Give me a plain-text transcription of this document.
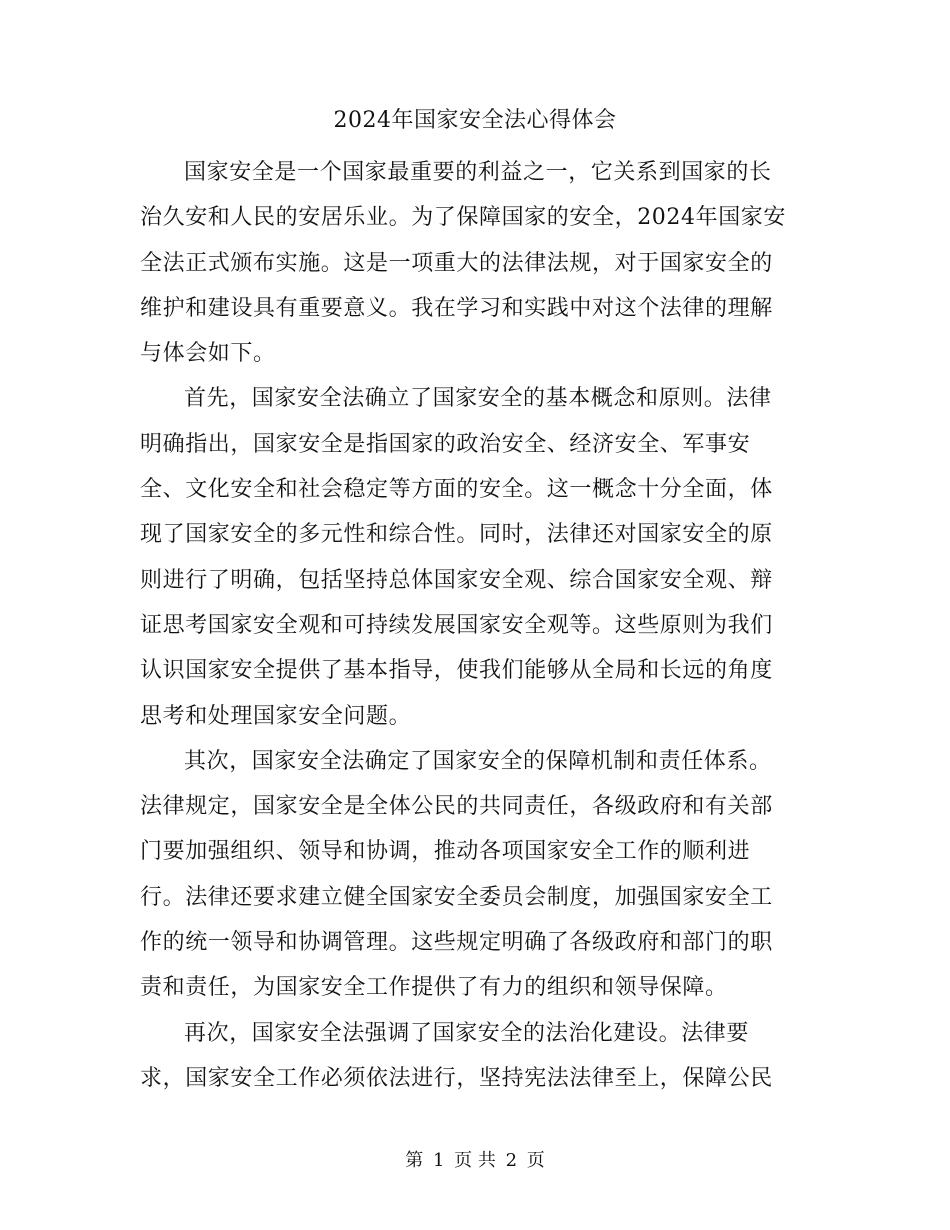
2024年国家安全法心得体会
国家安全是一个国家最重要的利益之一，它关系到国家的长
治久安和人民的安居乐业。为了保障国家的安全，2024年国家安
全法正式颁布实施。这是一项重大的法律法规，对于国家安全的
维护和建设具有重要意义。我在学习和实践中对这个法律的理解
与体会如下。
首先，国家安全法确立了国家安全的基本概念和原则。法律
明确指出，国家安全是指国家的政治安全、经济安全、军事安
全、文化安全和社会稳定等方面的安全。这一概念十分全面，体
现了国家安全的多元性和综合性。同时，法律还对国家安全的原
则进行了明确，包括坚持总体国家安全观、综合国家安全观、辩
证思考国家安全观和可持续发展国家安全观等。这些原则为我们
认识国家安全提供了基本指导，使我们能够从全局和长远的角度
思考和处理国家安全问题。
其次，国家安全法确定了国家安全的保障机制和责任体系。
法律规定，国家安全是全体公民的共同责任，各级政府和有关部
门要加强组织、领导和协调，推动各项国家安全工作的顺利进
行。法律还要求建立健全国家安全委员会制度，加强国家安全工
作的统一领导和协调管理。这些规定明确了各级政府和部门的职
责和责任，为国家安全工作提供了有力的组织和领导保障。
再次，国家安全法强调了国家安全的法治化建设。法律要
求，国家安全工作必须依法进行，坚持宪法法律至上，保障公民
第 1 页 共 2 页
